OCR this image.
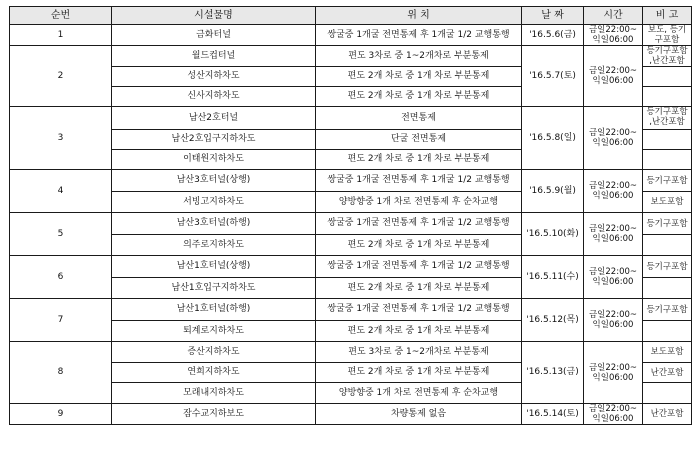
순번	시설물명	위 치	날 짜	시간	비 고
1	금화터널	쌍굴중 1개굴 전면통제 후 1개굴 1/2 교행통행	'16.5.6(금)	금일22:00~ 익일06:00	보도, 등기구포함
2	월드컵터널	편도 3차로 중 1~2개차로 부분통제	'16.5.7(토)	금일22:00~ 익일06:00	등기구포함 ,난간포함
	성산지하차도	편도 2개 차로 중 1개 차로 부분통제			
	신사지하차도	편도 2개 차로 중 1개 차로 부분통제			
3	남산2호터널	전면통제	'16.5.8(일)	금일22:00~ 익일06:00	등기구포함 ,난간포함
	남산2호입구지하차도	단굴 전면통제			
	이태원지하차도	편도 2개 차로 중 1개 차로 부분통제			
4	남산3호터널(상행)	쌍굴중 1개굴 전면통제 후 1개굴 1/2 교행통행	'16.5.9(월)	금일22:00~ 익일06:00	등기구포함
	서빙고지하차도	양방향중 1개 차로 전면통제 후 순차교행			보도포함
5	남산3호터널(하행)	쌍굴중 1개굴 전면통제 후 1개굴 1/2 교행통행	'16.5.10(화)	금일22:00~ 익일06:00	등기구포함
	의주로지하차도	편도 2개 차로 중 1개 차로 부분통제			
6	남산1호터널(상행)	쌍굴중 1개굴 전면통제 후 1개굴 1/2 교행통행	'16.5.11(수)	금일22:00~ 익일06:00	등기구포함
	남산1호입구지하차도	편도 2개 차로 중 1개 차로 부분통제			
7	남산1호터널(하행)	쌍굴중 1개굴 전면통제 후 1개굴 1/2 교행통행	'16.5.12(목)	금일22:00~ 익일06:00	등기구포함
	퇴계로지하차도	편도 2개 차로 중 1개 차로 부분통제			
8	증산지하차도	편도 3차로 중 1~2개차로 부분통제	'16.5.13(금)	금일22:00~ 익일06:00	보도포함
	연희지하차도	편도 2개 차로 중 1개 차로 부분통제			난간포함
	모래내지하차도	양방향중 1개 차로 전면통제 후 순차교행			
9	잠수교지하보도	차량통제 없음	'16.5.14(토)	금일22:00~ 익일06:00	난간포함
